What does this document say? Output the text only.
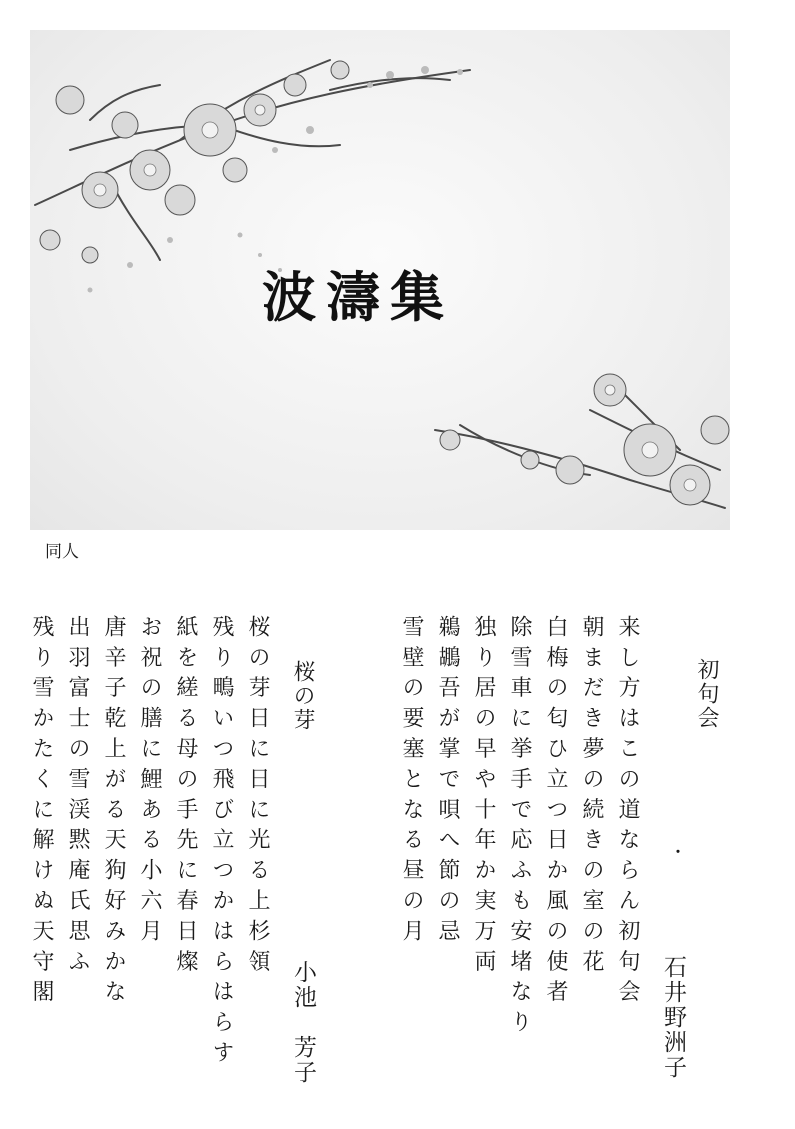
波濤集
同人
初句会
・
石井野洲子
来し方はこの道ならん初句会
朝まだき夢の続きの室の花
白梅の匂ひ立つ日か風の使者
除雪車に挙手で応ふも安堵なり
独り居の早や十年か実万両
鵜鶘吾が掌で唄へ節の忌
雪壁の要塞となる昼の月
桜の芽
小池　芳子
桜の芽日に日に光る上杉領
残り鴫いつ飛び立つかはらはらす
紙を縒る母の手先に春日燦
お祝の膳に鯉ある小六月
唐辛子乾上がる天狗好みかな
出羽富士の雪渓黙庵氏思ふ
残り雪かたくに解けぬ天守閣
